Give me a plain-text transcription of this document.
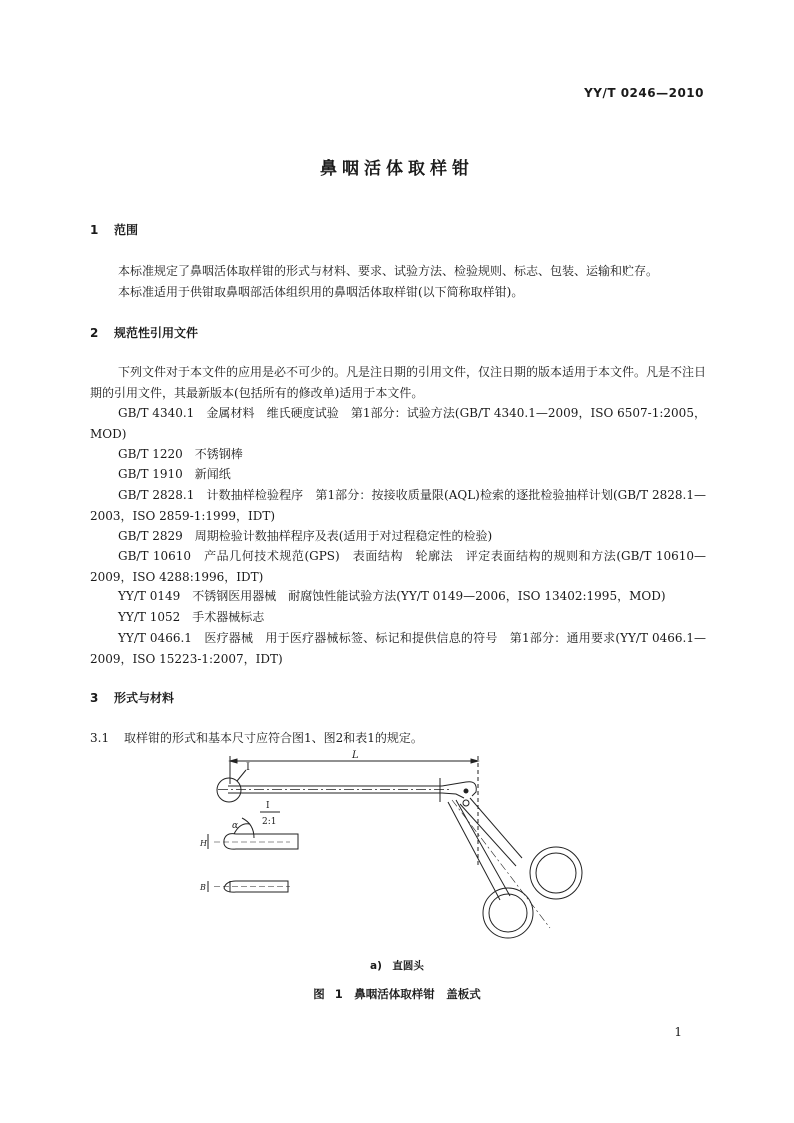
YY/T 0246—2010
鼻咽活体取样钳
1 范围
本标准规定了鼻咽活体取样钳的形式与材料、要求、试验方法、检验规则、标志、包装、运输和贮存。
本标准适用于供钳取鼻咽部活体组织用的鼻咽活体取样钳(以下简称取样钳)。
2 规范性引用文件
下列文件对于本文件的应用是必不可少的。凡是注日期的引用文件，仅注日期的版本适用于本文件。凡是不注日期的引用文件，其最新版本(包括所有的修改单)适用于本文件。
GB/T 4340.1　金属材料　维氏硬度试验　第1部分：试验方法(GB/T 4340.1—2009，ISO 6507-1:2005，MOD)
GB/T 1220　不锈钢棒
GB/T 1910　新闻纸
GB/T 2828.1　计数抽样检验程序　第1部分：按接收质量限(AQL)检索的逐批检验抽样计划(GB/T 2828.1—2003，ISO 2859-1:1999，IDT)
GB/T 2829　周期检验计数抽样程序及表(适用于对过程稳定性的检验)
GB/T 10610　产品几何技术规范(GPS)　表面结构　轮廓法　评定表面结构的规则和方法(GB/T 10610—2009，ISO 4288:1996，IDT)
YY/T 0149　不锈钢医用器械　耐腐蚀性能试验方法(YY/T 0149—2006，ISO 13402:1995，MOD)
YY/T 1052　手术器械标志
YY/T 0466.1　医疗器械　用于医疗器械标签、标记和提供信息的符号　第1部分：通用要求(YY/T 0466.1—2009，ISO 15223-1:2007，IDT)
3 形式与材料
3.1 取样钳的形式和基本尺寸应符合图1、图2和表1的规定。
L
I
I
2:1
α
H
B
a)　直圆头
图 1　鼻咽活体取样钳　盖板式
1
